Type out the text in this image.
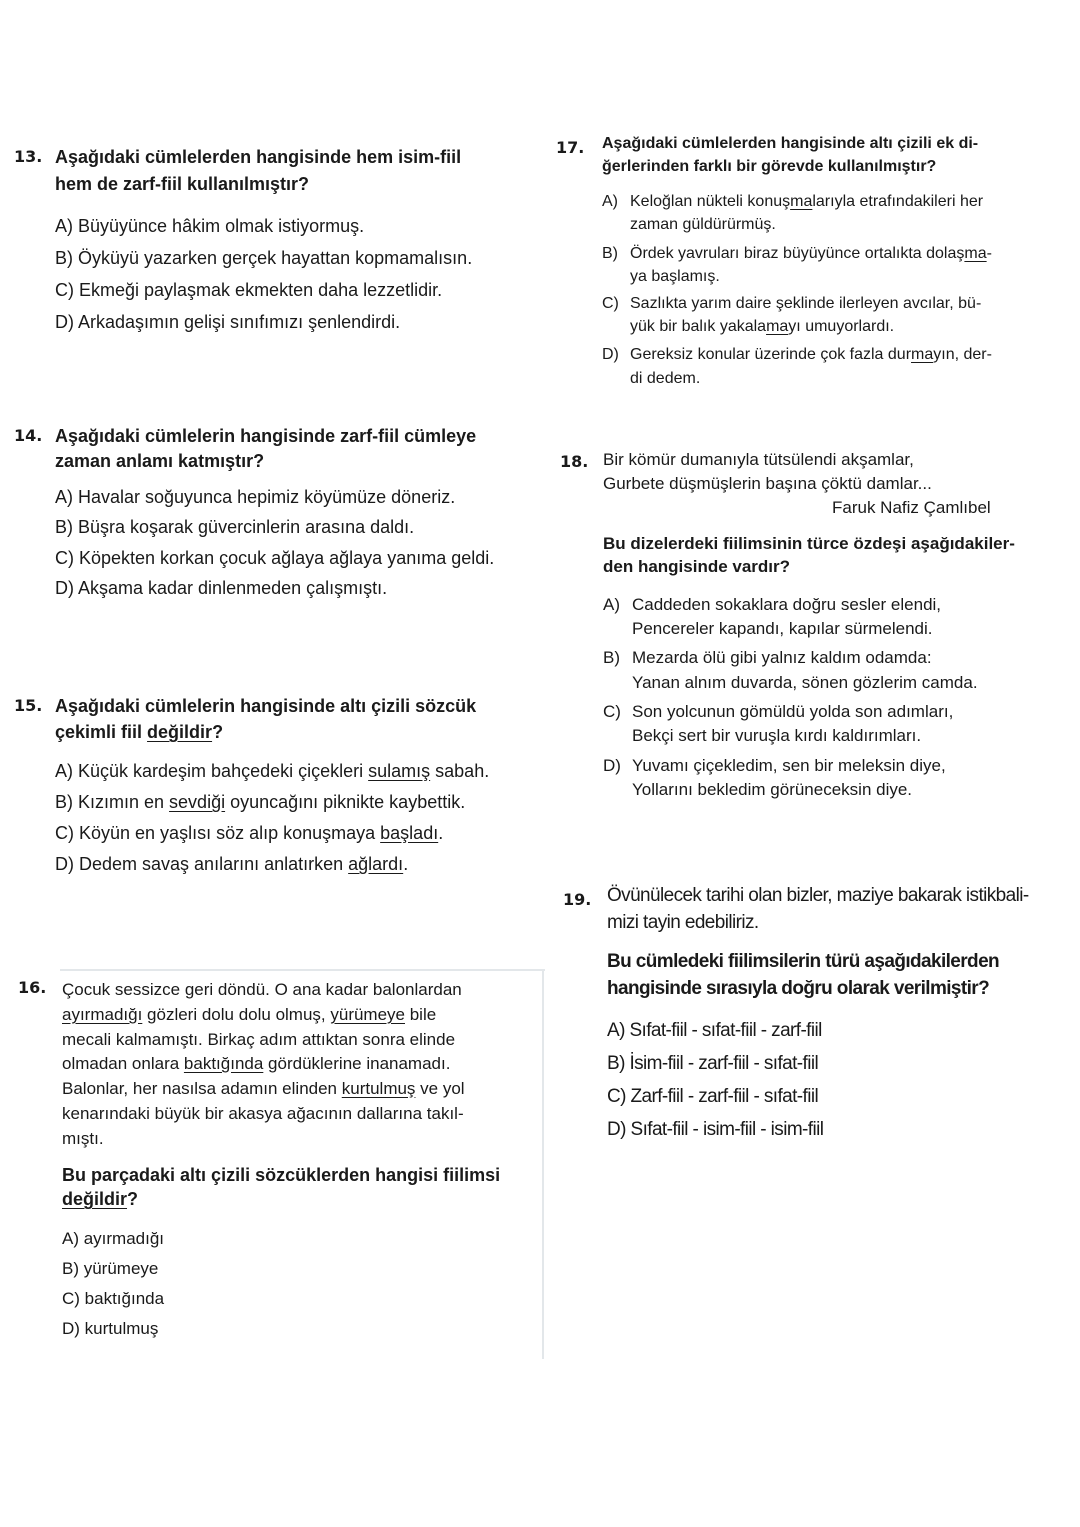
13. Aşağıdaki cümlelerden hangisinde hem isim-fiil
hem de zarf-fiil kullanılmıştır?
A) Büyüyünce hâkim olmak istiyormuş.
B) Öyküyü yazarken gerçek hayattan kopmamalısın.
C) Ekmeği paylaşmak ekmekten daha lezzetlidir.
D) Arkadaşımın gelişi sınıfımızı şenlendirdi.
14. Aşağıdaki cümlelerin hangisinde zarf-fiil cümleye
zaman anlamı katmıştır?
A) Havalar soğuyunca hepimiz köyümüze döneriz.
B) Büşra koşarak güvercinlerin arasına daldı.
C) Köpekten korkan çocuk ağlaya ağlaya yanıma geldi.
D) Akşama kadar dinlenmeden çalışmıştı.
15. Aşağıdaki cümlelerin hangisinde altı çizili sözcük
çekimli fiil değildir?
A) Küçük kardeşim bahçedeki çiçekleri sulamış sabah.
B) Kızımın en sevdiği oyuncağını piknikte kaybettik.
C) Köyün en yaşlısı söz alıp konuşmaya başladı.
D) Dedem savaş anılarını anlatırken ağlardı.
16. Çocuk sessizce geri döndü. O ana kadar balonlardan
ayırmadığı gözleri dolu dolu olmuş, yürümeye bile
mecali kalmamıştı. Birkaç adım attıktan sonra elinde
olmadan onlara baktığında gördüklerine inanamadı.
Balonlar, her nasılsa adamın elinden kurtulmuş ve yol
kenarındaki büyük bir akasya ağacının dallarına takıl-
mıştı.
Bu parçadaki altı çizili sözcüklerden hangisi fiilimsi
değildir?
A) ayırmadığı
B) yürümeye
C) baktığında
D) kurtulmuş
17. Aşağıdaki cümlelerden hangisinde altı çizili ek di-
ğerlerinden farklı bir görevde kullanılmıştır?
A) Keloğlan nükteli konuşmalarıyla etrafındakileri her
zaman güldürürmüş.
B) Ördek yavruları biraz büyüyünce ortalıkta dolaşma-
ya başlamış.
C) Sazlıkta yarım daire şeklinde ilerleyen avcılar, bü-
yük bir balık yakalamayı umuyorlardı.
D) Gereksiz konular üzerinde çok fazla durmayın, der-
di dedem.
18. Bir kömür dumanıyla tütsülendi akşamlar,
Gurbete düşmüşlerin başına çöktü damlar...
Faruk Nafiz Çamlıbel
Bu dizelerdeki fiilimsinin türce özdeşi aşağıdakiler-
den hangisinde vardır?
A) Caddeden sokaklara doğru sesler elendi,
Pencereler kapandı, kapılar sürmelendi.
B) Mezarda ölü gibi yalnız kaldım odamda:
Yanan alnım duvarda, sönen gözlerim camda.
C) Son yolcunun gömüldü yolda son adımları,
Bekçi sert bir vuruşla kırdı kaldırımları.
D) Yuvamı çiçekledim, sen bir meleksin diye,
Yollarını bekledim görüneceksin diye.
19. Övünülecek tarihi olan bizler, maziye bakarak istikbali-
mizi tayin edebiliriz.
Bu cümledeki fiilimsilerin türü aşağıdakilerden
hangisinde sırasıyla doğru olarak verilmiştir?
A) Sıfat-fiil - sıfat-fiil - zarf-fiil
B) İsim-fiil - zarf-fiil - sıfat-fiil
C) Zarf-fiil - zarf-fiil - sıfat-fiil
D) Sıfat-fiil - isim-fiil - isim-fiil
